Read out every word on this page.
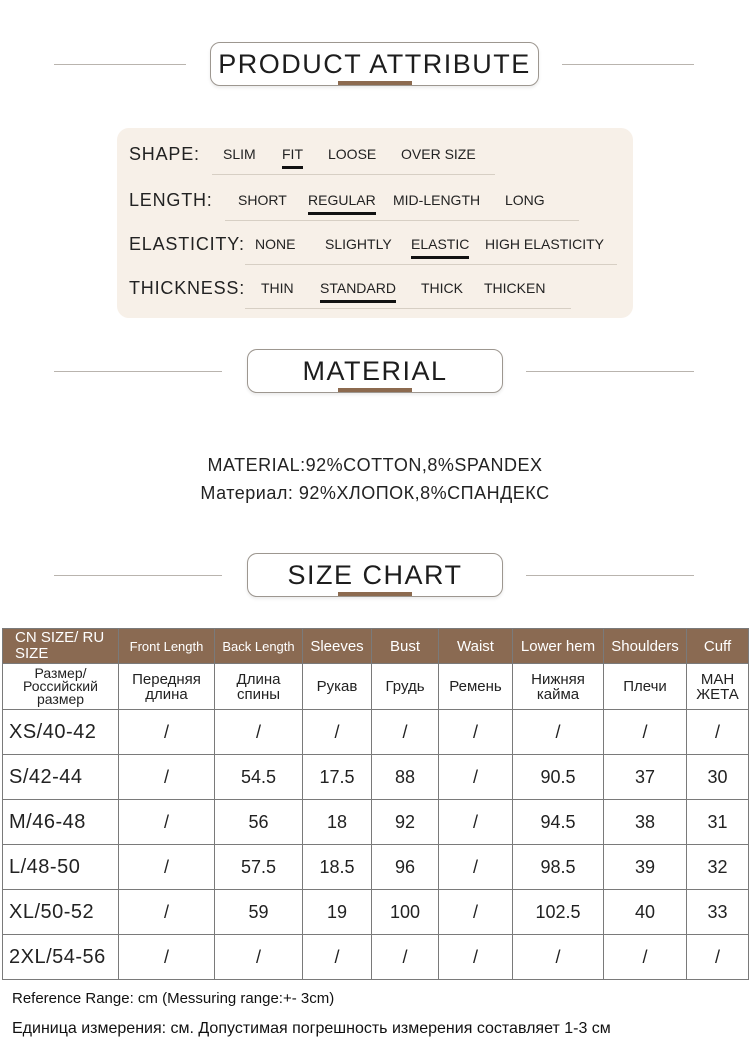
PRODUCT ATTRIBUTE
SHAPE: SLIM FIT LOOSE OVER SIZE
LENGTH: SHORT REGULAR MID-LENGTH LONG
ELASTICITY: NONE SLIGHTLY ELASTIC HIGH ELASTICITY
THICKNESS: THIN STANDARD THICK THICKEN
MATERIAL
MATERIAL:92%COTTON,8%SPANDEX
Материал: 92%ХЛОПОК,8%СПАНДЕКС
SIZE CHART
CN SIZE/ RU SIZE	Front Length	Back Length	Sleeves	Bust	Waist	Lower hem	Shoulders	Cuff
Размер/ Российский размер	Передняя длина	Длина спины	Рукав	Грудь	Ремень	Нижняя кайма	Плечи	МАН ЖЕТА
XS/40-42	/	/	/	/	/	/	/	/
S/42-44	/	54.5	17.5	88	/	90.5	37	30
M/46-48	/	56	18	92	/	94.5	38	31
L/48-50	/	57.5	18.5	96	/	98.5	39	32
XL/50-52	/	59	19	100	/	102.5	40	33
2XL/54-56	/	/	/	/	/	/	/	/
Reference Range: cm (Messuring range:+- 3cm)
Единица измерения: см. Допустимая погрешность измерения составляет 1-3 см
